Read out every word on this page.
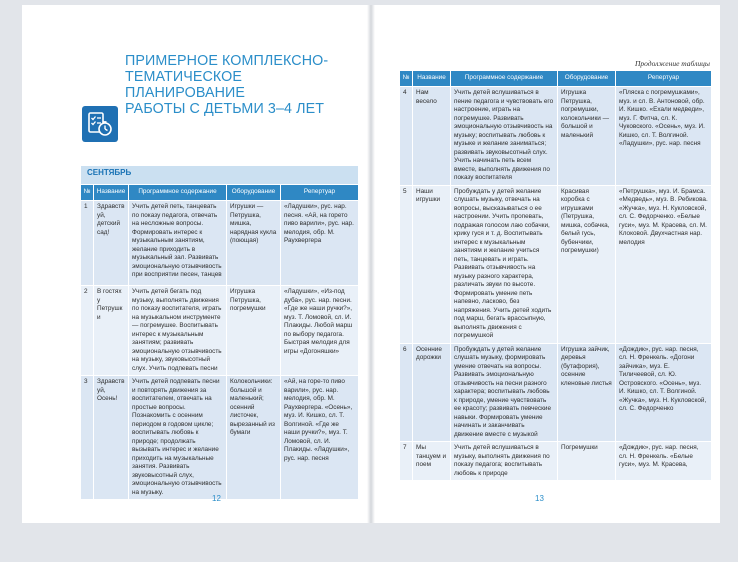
ПРИМЕРНОЕ КОМПЛЕКСНО-
ТЕМАТИЧЕСКОЕ ПЛАНИРОВАНИЕ
РАБОТЫ С ДЕТЬМИ 3–4 ЛЕТ
СЕНТЯБРЬ				
№	Название	Программное содержание	Оборудование	Репертуар
1	Здравствуй, детский сад!	Учить детей петь, танцевать по показу педагога, отвечать на несложные вопросы. Формировать интерес к музыкальным занятиям, желание приходить в музыкальный зал. Развивать эмоциональную отзывчивость при восприятии песен, танцев	Игрушки — Петрушка, мишка, нарядная кукла (поющая)	«Ладушки», рус. нар. песня. «Ай, на горето пиво варили», рус. нар. мелодия, обр. М. Раухвергера
2	В гостях у Петрушки	Учить детей бегать под музыку, выполнять движения по показу воспитателя, играть на музыкальном инструменте — погремушке. Воспитывать интерес к музыкальным занятиям; развивать эмоциональную отзывчивость на музыку, звуковысотный слух. Учить подпевать песни	Игрушка Петрушка, погремушки	«Ладушки», «Из-под дуба», рус. нар. песни. «Где же наши ручки?», муз. Т. Ломовой, сл. И. Плакиды. Любой марш по выбору педагога. Быстрая мелодия для игры «Догоняшки»
3	Здравствуй, Осень!	Учить детей подпевать песни и повторять движения за воспитателем, отвечать на простые вопросы. Познакомить с осенним периодом в годовом цикле; воспитывать любовь к природе; продолжать вызывать интерес и желание приходить на музыкальные занятия. Развивать звуковысотный слух, эмоциональную отзывчивость на музыку.	Колокольчики: большой и маленький; осенний листочек, вырезанный из бумаги	«Ай, на горе-то пиво варили», рус. нар. мелодия, обр. М. Раухвергера. «Осень», муз. И. Кишко, сл. Т. Волгиной. «Где же наши ручки?», муз. Т. Ломовой, сл. И. Плакиды. «Ладушки», рус. нар. песня
12
Продолжение таблицы
№	Название	Программное содержание	Оборудование	Репертуар
4	Нам весело	Учить детей вслушиваться в пение педагога и чувствовать его настроение, играть на погремушке. Развивать эмоциональную отзывчивость на музыку; воспитывать любовь к музыке и желание заниматься; развивать звуковысотный слух. Учить начинать петь всем вместе, выполнять движения по показу воспитателя	Игрушка Петрушка, погремушки, колокольчики — большой и маленький	«Пляска с погремушками», муз. и сл. В. Антоновой, обр. И. Кишко. «Ехали медведи», муз. Г. Фитча, сл. К. Чуковского. «Осень», муз. И. Кишко, сл. Т. Волгиной. «Ладушки», рус. нар. песня
5	Наши игрушки	Пробуждать у детей желание слушать музыку, отвечать на вопросы, высказываться о ее настроении. Учить пропевать, подражая голосом лаю собачки, крику гуся и т. д. Воспитывать интерес к музыкальным занятиям и желание учиться петь, танцевать и играть. Развивать отзывчивость на музыку разного характера, различать звуки по высоте. Формировать умение петь напевно, ласково, без напряжения. Учить детей ходить под марш, бегать врассыпную, выполнять движения с погремушкой	Красивая коробка с игрушками (Петрушка, мишка, собачка, белый гусь, бубенчики, погремушки)	«Петрушка», муз. И. Брамса. «Медведь», муз. В. Ребикова. «Жучка», муз. Н. Кукловской, сл. С. Федорченко. «Белые гуси», муз. М. Красева, сл. М. Клоковой. Двухчастная нар. мелодия
6	Осенние дорожки	Пробуждать у детей желание слушать музыку, формировать умение отвечать на вопросы. Развивать эмоциональную отзывчивость на песни разного характера; воспитывать любовь к природе, умение чувствовать ее красоту; развивать певческие навыки. Формировать умение начинать и заканчивать движение вместе с музыкой	Игрушка зайчик, деревья (бутафория), осенние кленовые листья	«Дождик», рус. нар. песня, сл. Н. Френкель. «Догони зайчика», муз. Е. Тиличеевой, сл. Ю. Островского. «Осень», муз. И. Кишко, сл. Т. Волгиной. «Жучка», муз. Н. Кукловской, сл. С. Федорченко
7	Мы танцуем и поем	Учить детей вслушиваться в музыку, выполнять движения по показу педагога; воспитывать любовь к природе	Погремушки	«Дождик», рус. нар. песня, сл. Н. Френкель. «Белые гуси», муз. М. Красева,
13
